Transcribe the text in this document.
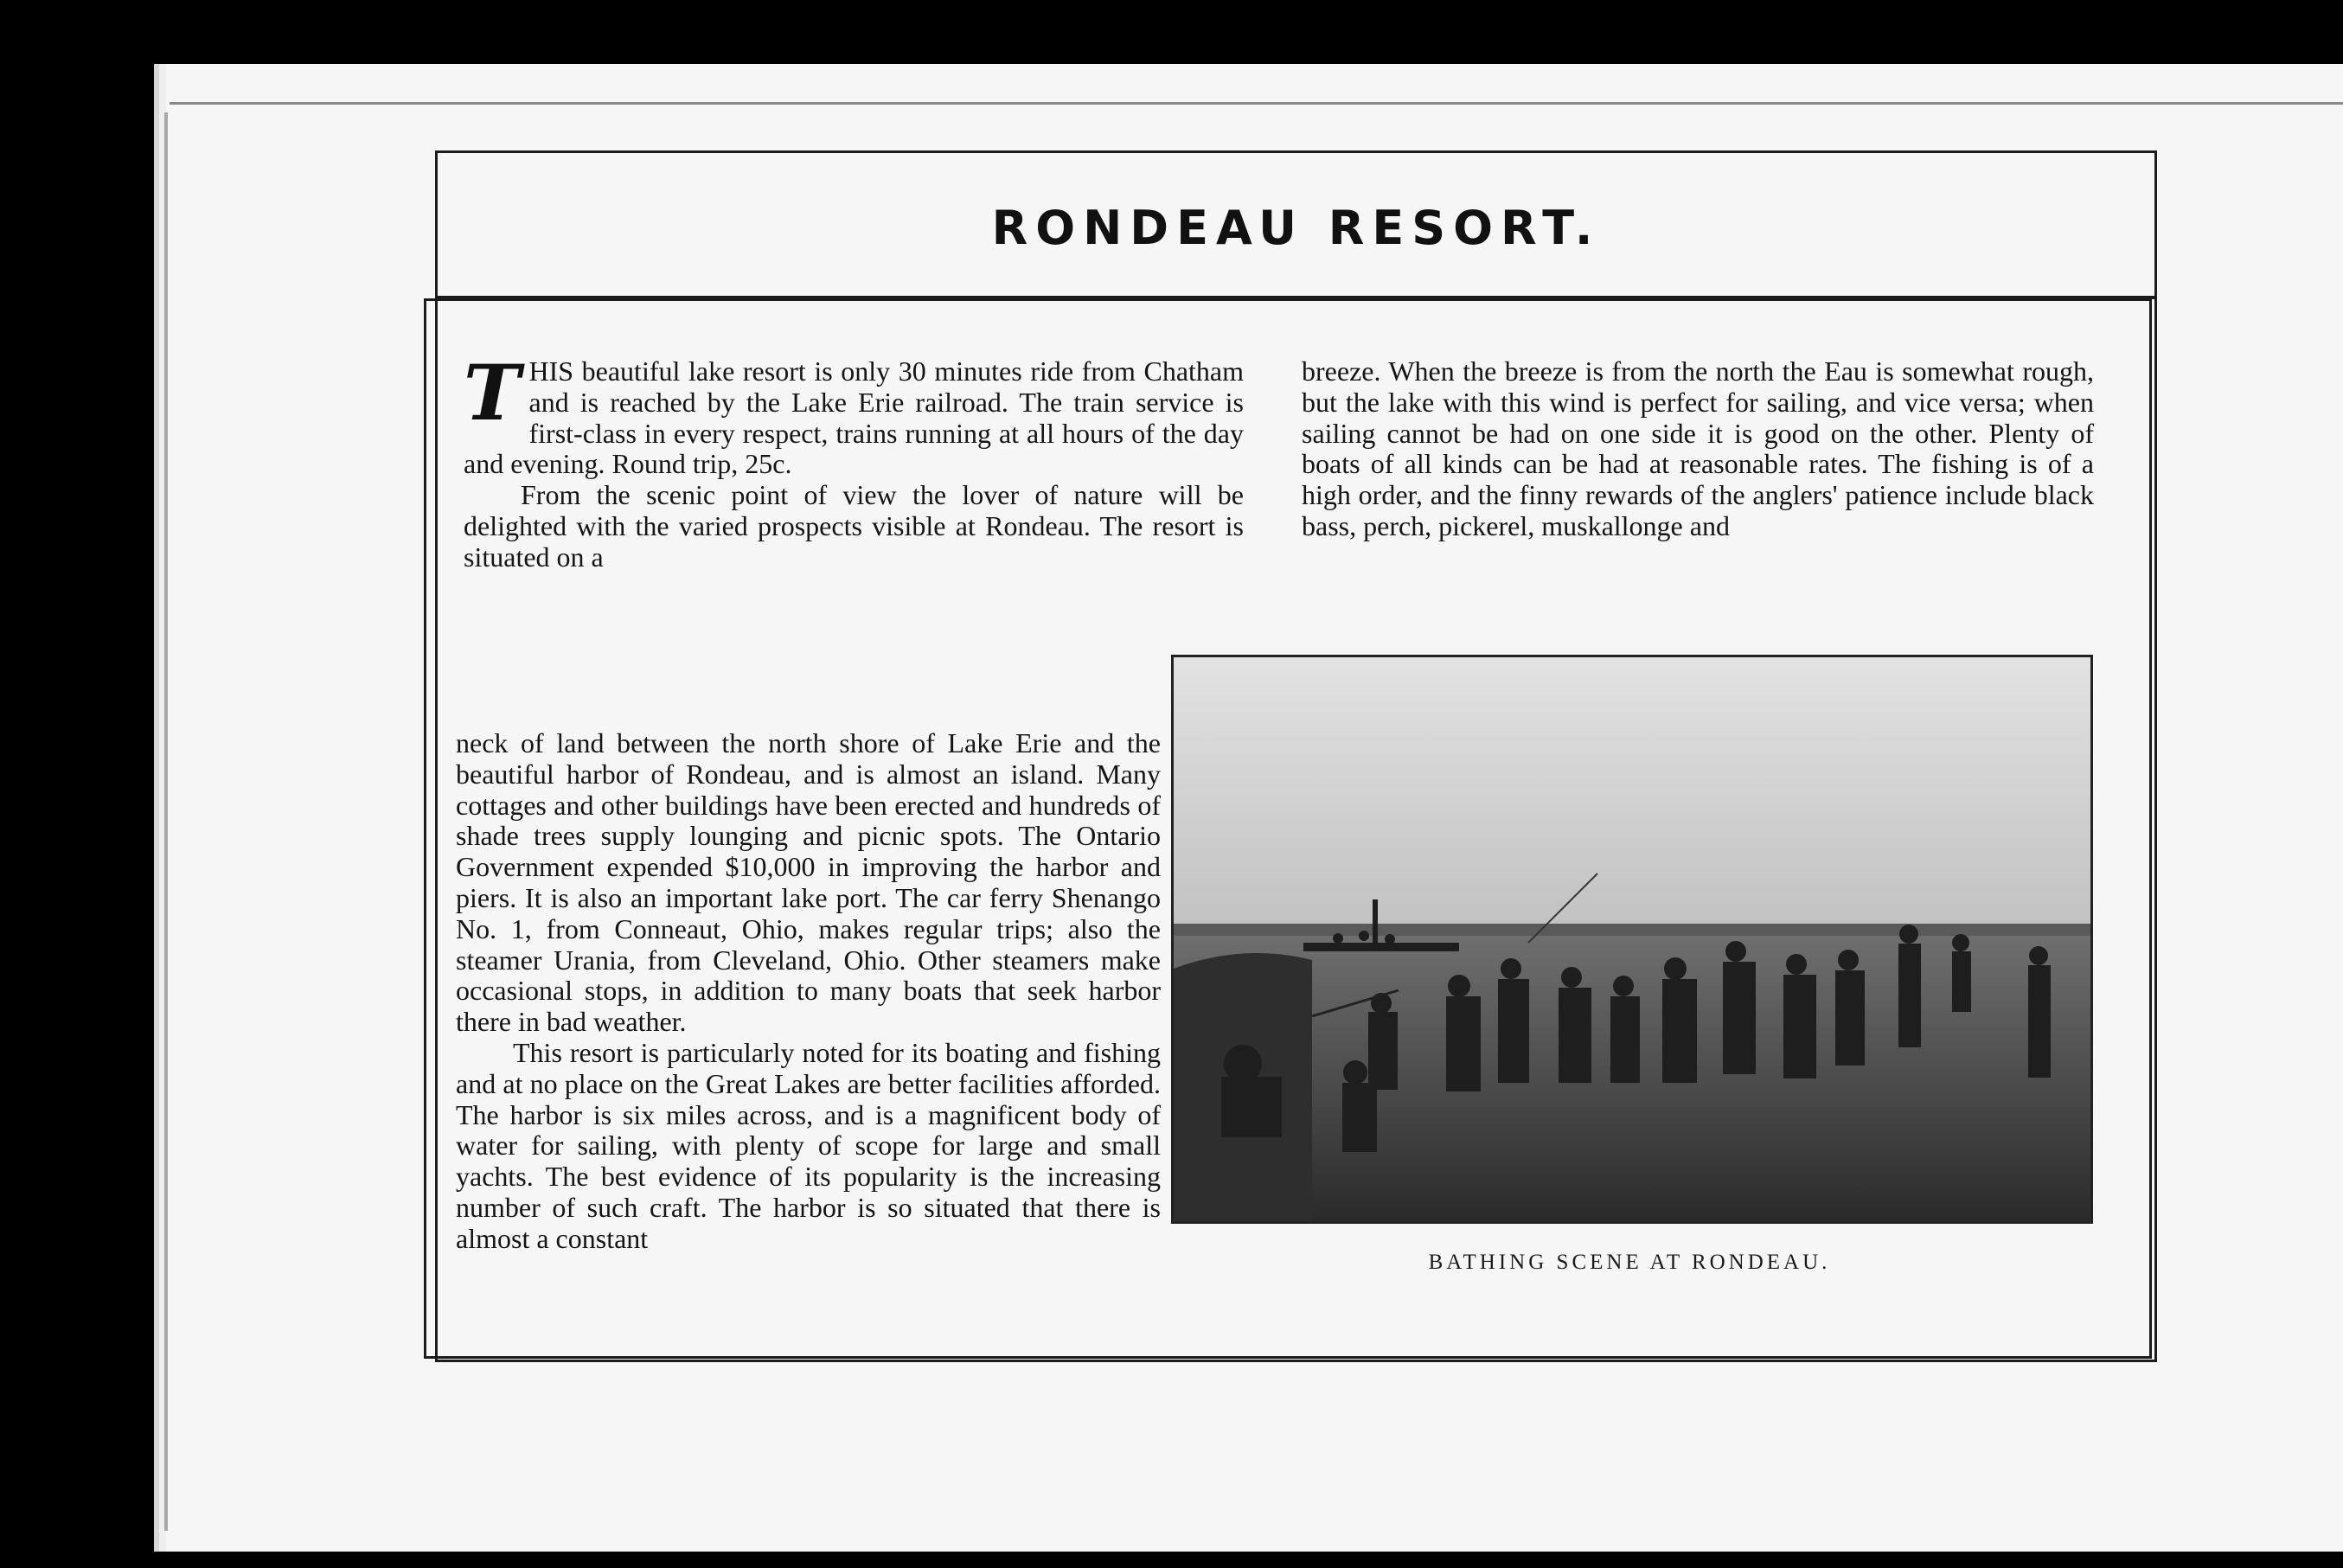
RONDEAU RESORT.

THIS beautiful lake resort is only 30 minutes ride from Chatham and is reached by the Lake Erie railroad. The train service is first-class in every respect, trains running at all hours of the day and evening. Round trip, 25c.

From the scenic point of view the lover of nature will be delighted with the varied prospects visible at Rondeau. The resort is situated on a

neck of land between the north shore of Lake Erie and the beautiful harbor of Rondeau, and is almost an island. Many cottages and other buildings have been erected and hundreds of shade trees supply lounging and picnic spots. The Ontario Government expended $10,000 in improving the harbor and piers. It is also an important lake port. The car ferry Shenango No. 1, from Conneaut, Ohio, makes regular trips; also the steamer Urania, from Cleveland, Ohio. Other steamers make occasional stops, in addition to many boats that seek harbor there in bad weather.

This resort is particularly noted for its boating and fishing and at no place on the Great Lakes are better facilities afforded. The harbor is six miles across, and is a magnificent body of water for sailing, with plenty of scope for large and small yachts. The best evidence of its popularity is the increasing number of such craft. The harbor is so situated that there is almost a constant

breeze. When the breeze is from the north the Eau is somewhat rough, but the lake with this wind is perfect for sailing, and vice versa; when sailing cannot be had on one side it is good on the other. Plenty of boats of all kinds can be had at reasonable rates. The fishing is of a high order, and the finny rewards of the anglers' patience include black bass, perch, pickerel, muskallonge and

BATHING SCENE AT RONDEAU.
